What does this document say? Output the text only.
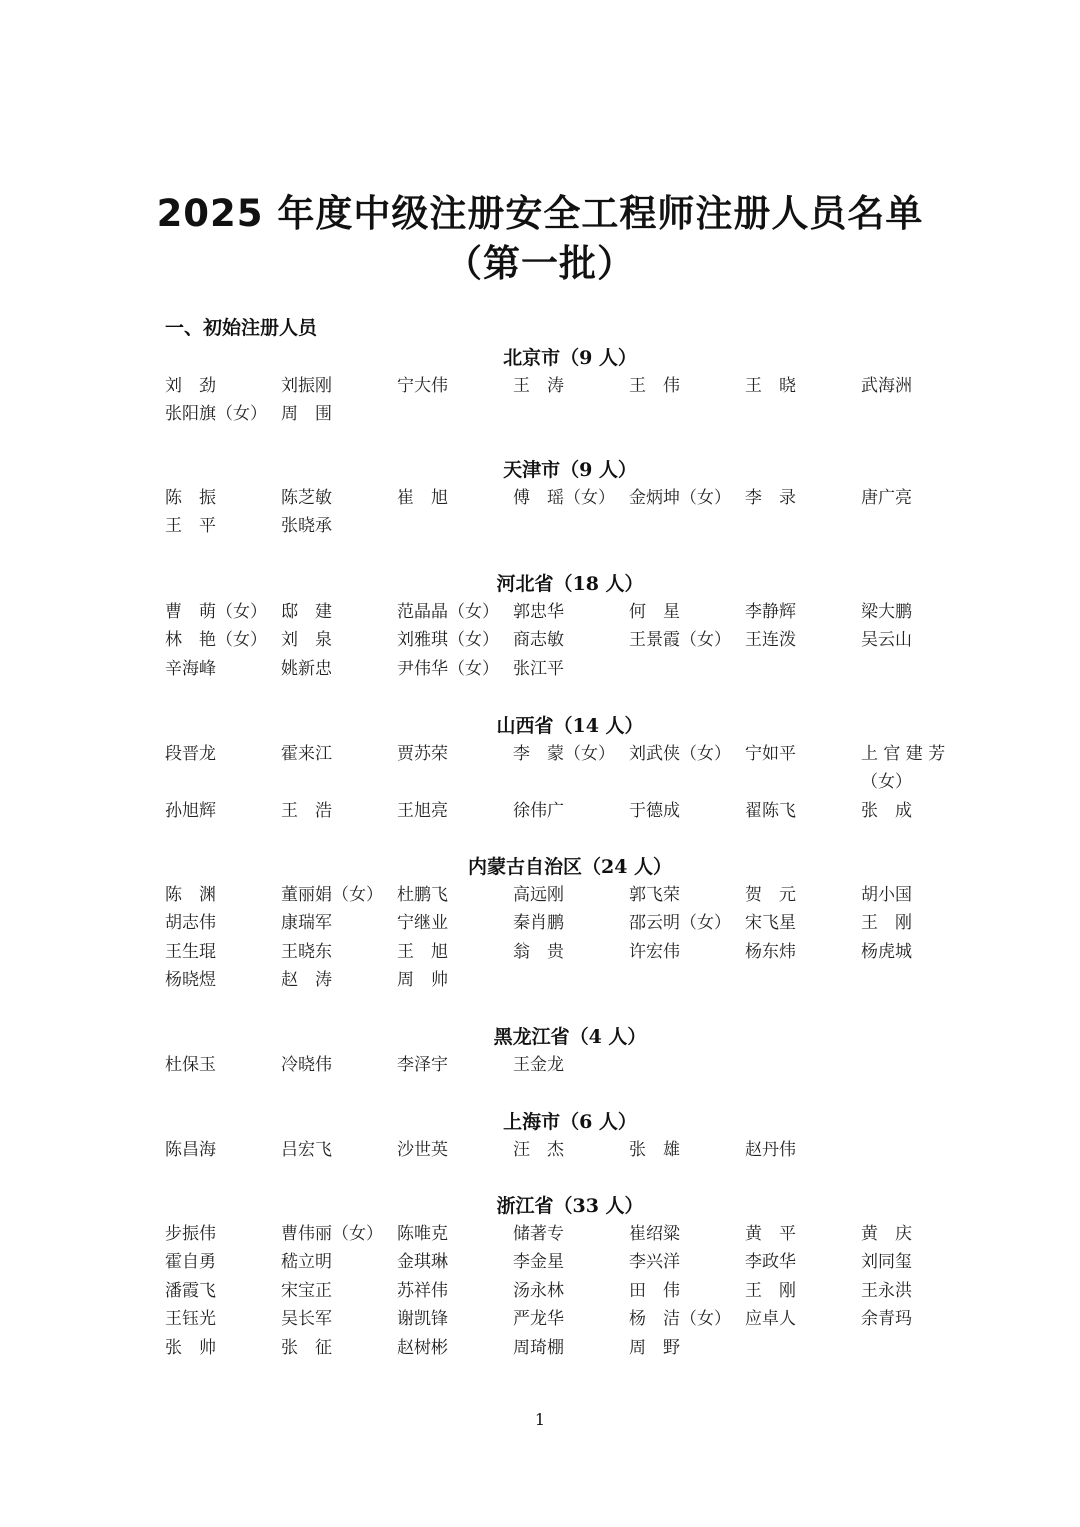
2025 年度中级注册安全工程师注册人员名单
（第一批）
一、初始注册人员
北京市（9 人）
刘　劲	刘振刚	宁大伟	王　涛	王　伟	王　晓	武海洲
张阳旗（女） 周　围
天津市（9 人）
陈　振	陈芝敏	崔　旭	傅　瑶（女） 金炳坤（女） 李　录	唐广亮
王　平	张晓承
河北省（18 人）
曹　萌（女） 邸　建	范晶晶（女） 郭忠华	何　星	李静辉	梁大鹏
林　艳（女） 刘　泉	刘雅琪（女） 商志敏	王景霞（女） 王连泼	吴云山
辛海峰	姚新忠	尹伟华（女） 张江平
山西省（14 人）
段晋龙	霍来江	贾苏荣	李　蒙（女） 刘武侠（女） 宁如平	上 官 建 芳
（女）
孙旭辉	王　浩	王旭亮	徐伟广	于德成	翟陈飞	张　成
内蒙古自治区（24 人）
陈　渊	董丽娟（女） 杜鹏飞	高远刚	郭飞荣	贺　元	胡小国
胡志伟	康瑞军	宁继业	秦肖鹏	邵云明（女） 宋飞星	王　刚
王生琨	王晓东	王　旭	翁　贵	许宏伟	杨东炜	杨虎城
杨晓煜	赵　涛	周　帅
黑龙江省（4 人）
杜保玉	冷晓伟	李泽宇	王金龙
上海市（6 人）
陈昌海	吕宏飞	沙世英	汪　杰	张　雄	赵丹伟
浙江省（33 人）
步振伟	曹伟丽（女） 陈唯克	储著专	崔绍粱	黄　平	黄　庆
霍自勇	嵇立明	金琪琳	李金星	李兴洋	李政华	刘同玺
潘霞飞	宋宝正	苏祥伟	汤永林	田　伟	王　刚	王永洪
王钰光	吴长军	谢凯锋	严龙华	杨　洁（女） 应卓人	余青玛
张　帅	张　征	赵树彬	周琦棚	周　野
1
